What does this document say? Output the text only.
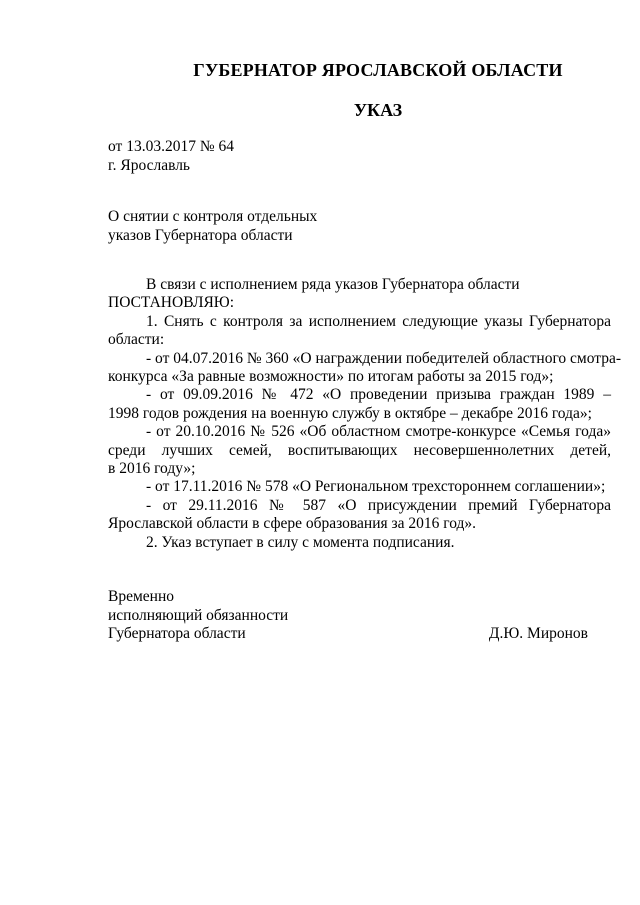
ГУБЕРНАТОР ЯРОСЛАВСКОЙ ОБЛАСТИ
УКАЗ
от 13.03.2017 № 64
г. Ярославль
О снятии с контроля отдельных
указов Губернатора области
В связи с исполнением ряда указов Губернатора области
ПОСТАНОВЛЯЮ:
1. Снять с контроля за исполнением следующие указы Губернатора
области:
- от 04.07.2016 № 360 «О награждении победителей областного смотра-
конкурса «За равные возможности» по итогам работы за 2015 год»;
- от 09.09.2016 № 472 «О проведении призыва граждан 1989 –
1998 годов рождения на военную службу в октябре – декабре 2016 года»;
- от 20.10.2016 № 526 «Об областном смотре-конкурсе «Семья года»
среди лучших семей, воспитывающих несовершеннолетних детей,
в 2016 году»;
- от 17.11.2016 № 578 «О Региональном трехстороннем соглашении»;
- от 29.11.2016 № 587 «О присуждении премий Губернатора
Ярославской области в сфере образования за 2016 год».
2. Указ вступает в силу с момента подписания.
Временно
исполняющий обязанности
Губернатора области	Д.Ю. Миронов
